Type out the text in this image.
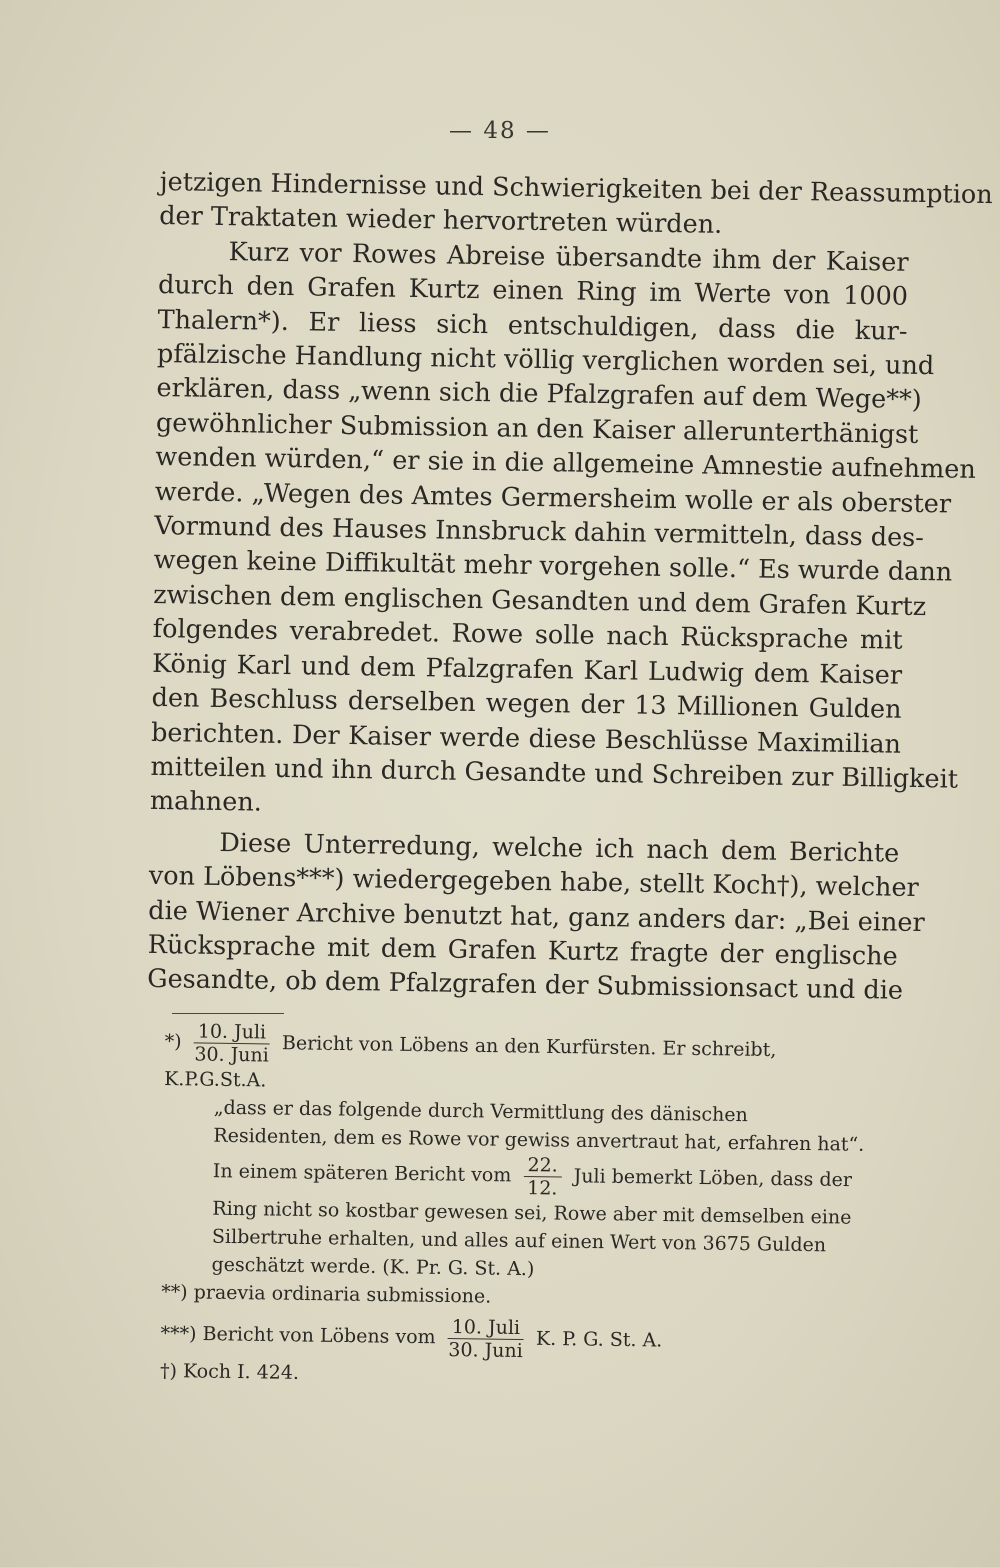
— 48 —
jetzigen Hindernisse und Schwierigkeiten bei der Reassumption
der Traktaten wieder hervortreten würden.
Kurz vor Rowes Abreise übersandte ihm der Kaiser
durch den Grafen Kurtz einen Ring im Werte von 1000
Thalern*). Er liess sich entschuldigen, dass die kur-
pfälzische Handlung nicht völlig verglichen worden sei, und
erklären, dass „wenn sich die Pfalzgrafen auf dem Wege**)
gewöhnlicher Submission an den Kaiser allerunterthänigst
wenden würden,“ er sie in die allgemeine Amnestie aufnehmen
werde. „Wegen des Amtes Germersheim wolle er als oberster
Vormund des Hauses Innsbruck dahin vermitteln, dass des-
wegen keine Diffikultät mehr vorgehen solle.“ Es wurde dann
zwischen dem englischen Gesandten und dem Grafen Kurtz
folgendes verabredet. Rowe solle nach Rücksprache mit
König Karl und dem Pfalzgrafen Karl Ludwig dem Kaiser
den Beschluss derselben wegen der 13 Millionen Gulden
berichten. Der Kaiser werde diese Beschlüsse Maximilian
mitteilen und ihn durch Gesandte und Schreiben zur Billigkeit
mahnen.
Diese Unterredung, welche ich nach dem Berichte
von Löbens***) wiedergegeben habe, stellt Koch†), welcher
die Wiener Archive benutzt hat, ganz anders dar: „Bei einer
Rücksprache mit dem Grafen Kurtz fragte der englische
Gesandte, ob dem Pfalzgrafen der Submissionsact und die
*) $\frac{\text{10. Juli}}{\text{30. Juni}}$ Bericht von Löbens an den Kurfürsten. Er schreibt,
K.P.G.St.A.
„dass er das folgende durch Vermittlung des dänischen
Residenten, dem es Rowe vor gewiss anvertraut hat, erfahren hat“.
In einem späteren Bericht vom $\frac{22.}{12.}$ Juli bemerkt Löben, dass der
Ring nicht so kostbar gewesen sei, Rowe aber mit demselben eine
Silbertruhe erhalten, und alles auf einen Wert von 3675 Gulden
geschätzt werde. (K. Pr. G. St. A.)
**) praevia ordinaria submissione.
***) Bericht von Löbens vom $\frac{\text{10. Juli}}{\text{30. Juni}} K$. P. G. St. A.
†) Koch I. 424.
